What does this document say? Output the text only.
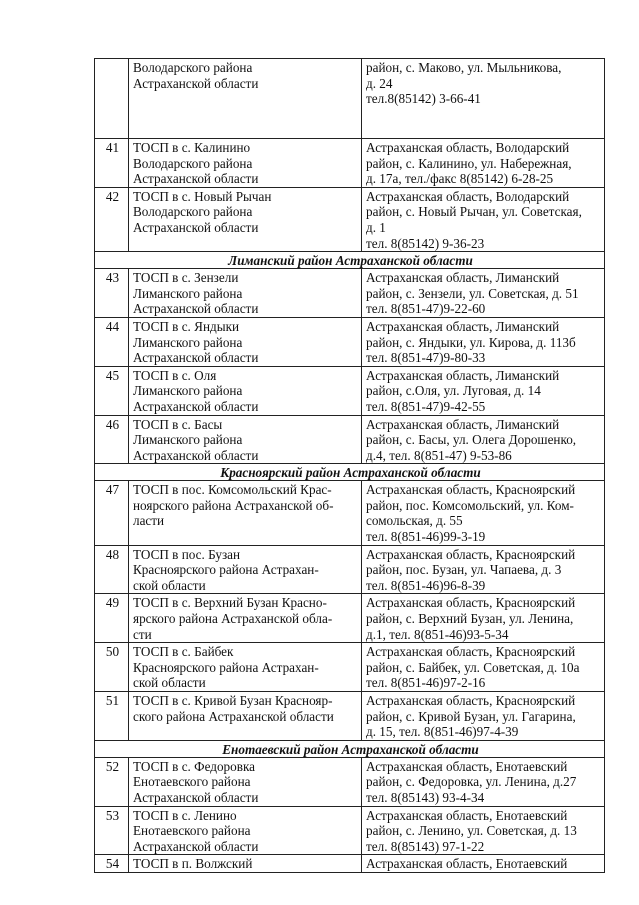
	Володарского района
Астраханской области	район, с. Маково, ул. Мыльникова,
д. 24
тел.8(85142) 3-66-41

41	ТОСП в с. Калинино
Володарского района
Астраханской области	Астраханская область, Володарский
район, с. Калинино, ул. Набережная,
д. 17а, тел./факс 8(85142) 6-28-25

42	ТОСП в с. Новый Рычан
Володарского района
Астраханской области	Астраханская область, Володарский
район, с. Новый Рычан, ул. Советская,
д. 1
тел. 8(85142) 9-36-23

Лиманский район Астраханской области		
43	ТОСП в с. Зензели
Лиманского района
Астраханской области	Астраханская область, Лиманский
район, с. Зензели, ул. Советская, д. 51
тел. 8(851-47)9-22-60

44	ТОСП в с. Яндыки
Лиманского района
Астраханской области	Астраханская область, Лиманский
район, с. Яндыки, ул. Кирова, д. 113б
тел. 8(851-47)9-80-33

45	ТОСП в с. Оля
Лиманского района
Астраханской области	Астраханская область, Лиманский
район, с.Оля, ул. Луговая, д. 14
тел. 8(851-47)9-42-55

46	ТОСП в с. Басы
Лиманского района
Астраханской области	Астраханская область, Лиманский
район, с. Басы, ул. Олега Дорошенко,
д.4, тел. 8(851-47) 9-53-86

Красноярский район Астраханской области		
47	ТОСП в пос. Комсомольский Крас-
ноярского района Астраханской об-
ласти	Астраханская область, Красноярский
район, пос. Комсомольский, ул. Ком-
сомольская, д. 55
тел. 8(851-46)99-3-19

48	ТОСП в пос. Бузан
Красноярского района Астрахан-
ской области	Астраханская область, Красноярский
район, пос. Бузан, ул. Чапаева, д. 3
тел. 8(851-46)96-8-39

49	ТОСП в с. Верхний Бузан Красно-
ярского района Астраханской обла-
сти	Астраханская область, Красноярский
район, с. Верхний Бузан, ул. Ленина,
д.1, тел. 8(851-46)93-5-34

50	ТОСП в с. Байбек
Красноярского района Астрахан-
ской области	Астраханская область, Красноярский
район, с. Байбек, ул. Советская, д. 10а
тел. 8(851-46)97-2-16

51	ТОСП в с. Кривой Бузан Краснояр-
ского района Астраханской области	Астраханская область, Красноярский
район, с. Кривой Бузан, ул. Гагарина,
д. 15, тел. 8(851-46)97-4-39

Енотаевский район Астраханской области		
52	ТОСП в с. Федоровка
Енотаевского района
Астраханской области	Астраханская область, Енотаевский
район, с. Федоровка, ул. Ленина, д.27
тел. 8(85143) 93-4-34

53	ТОСП в с. Ленино
Енотаевского района
Астраханской области	Астраханская область, Енотаевский
район, с. Ленино, ул. Советская, д. 13
тел. 8(85143) 97-1-22

54	ТОСП в п. Волжский	Астраханская область, Енотаевский
